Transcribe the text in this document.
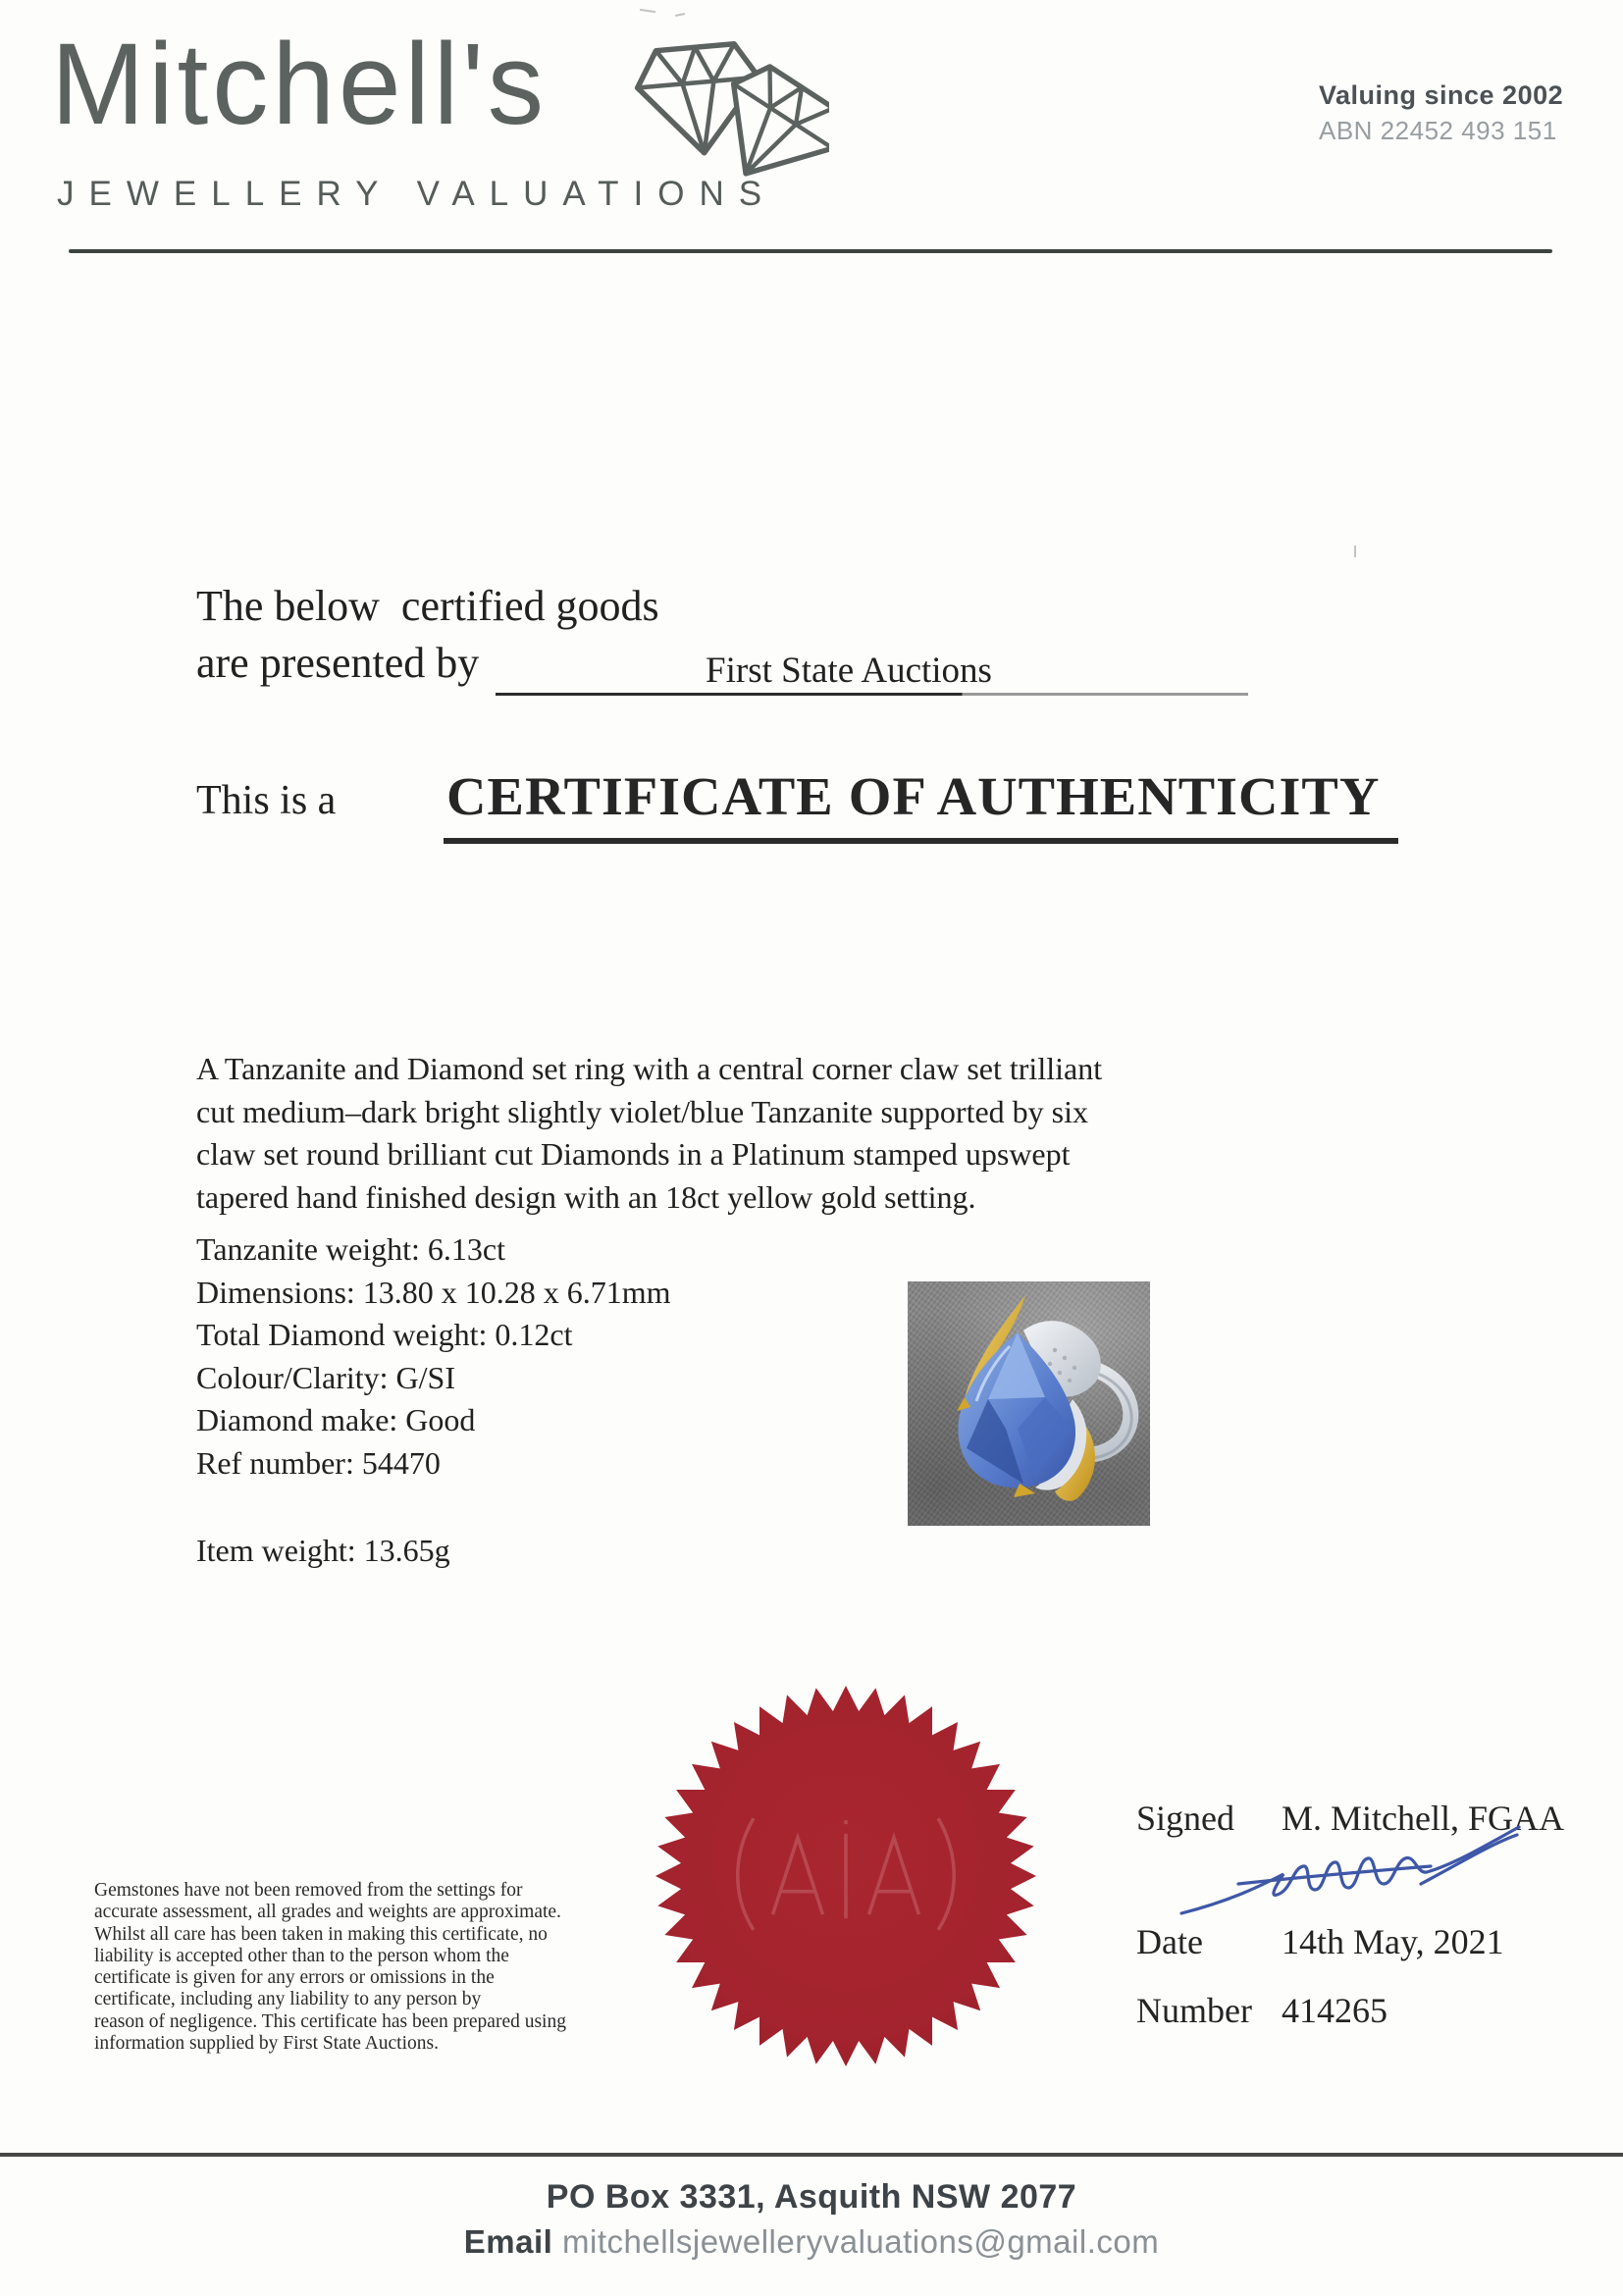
Mitchell's
JEWELLERY VALUATIONS
Valuing since 2002
ABN 22452 493 151
The below  certified goods
are presented by	First State Auctions
This is a CERTIFICATE OF AUTHENTICITY
A Tanzanite and Diamond set ring with a central corner claw set trilliant
cut medium–dark bright slightly violet/blue Tanzanite supported by six
claw set round brilliant cut Diamonds in a Platinum stamped upswept
tapered hand finished design with an 18ct yellow gold setting.
Tanzanite weight: 6.13ct
Dimensions: 13.80 x 10.28 x 6.71mm
Total Diamond weight: 0.12ct
Colour/Clarity: G/SI
Diamond make: Good
Ref number: 54470
Item weight: 13.65g
Gemstones have not been removed from the settings for
accurate assessment, all grades and weights are approximate.
Whilst all care has been taken in making this certificate, no
liability is accepted other than to the person whom the
certificate is given for any errors or omissions in the
certificate, including any liability to any person by
reason of negligence. This certificate has been prepared using
information supplied by First State Auctions.
Signed M. Mitchell, FGAA
Date 14th May, 2021
Number 414265
PO Box 3331, Asquith NSW 2077
Email mitchellsjewelleryvaluations@gmail.com
